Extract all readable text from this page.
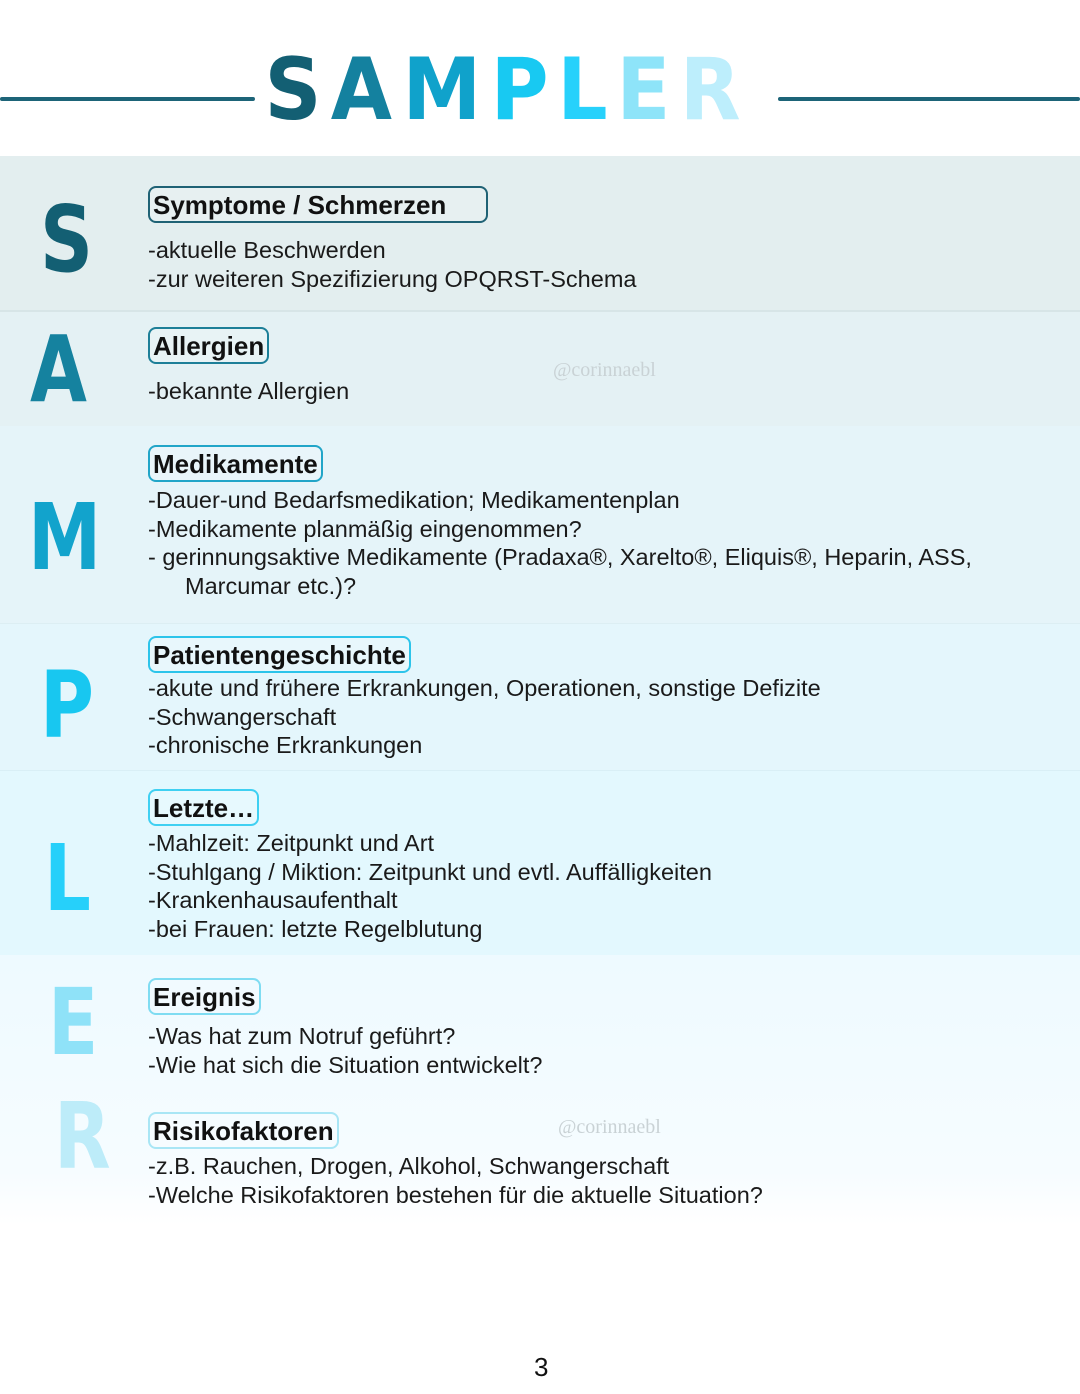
S A M P L E R
S Symptome / Schmerzen
-aktuelle Beschwerden
-zur weiteren Spezifizierung OPQRST-Schema
A	Allergien
-bekannte Allergien
@corinnaebl
M
Medikamente
-Dauer-und Bedarfsmedikation; Medikamentenplan
-Medikamente planmäßig eingenommen?
- gerinnungsaktive Medikamente (Pradaxa®, Xarelto®, Eliquis®, Heparin, ASS,
Marcumar etc.)?
P Patientengeschichte
-akute und frühere Erkrankungen, Operationen, sonstige Defizite
-Schwangerschaft
-chronische Erkrankungen
L
Letzte…
-Mahlzeit: Zeitpunkt und Art
-Stuhlgang / Miktion: Zeitpunkt und evtl. Auffälligkeiten
-Krankenhausaufenthalt
-bei Frauen: letzte Regelblutung
E Ereignis
-Was hat zum Notruf geführt?
-Wie hat sich die Situation entwickelt?
R Risikofaktoren
-z.B. Rauchen, Drogen, Alkohol, Schwangerschaft
-Welche Risikofaktoren bestehen für die aktuelle Situation?
@corinnaebl
3
